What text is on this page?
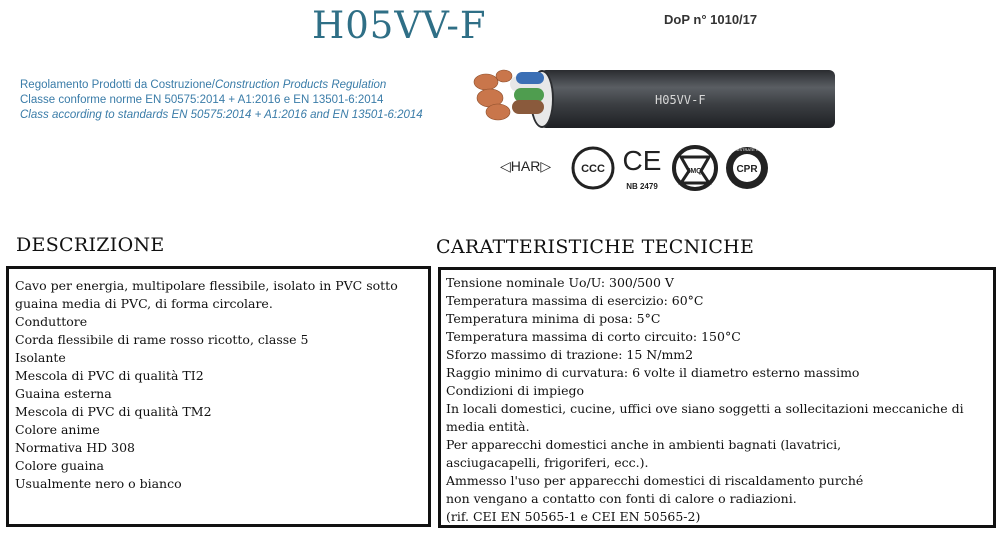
H05VV-F	DoP n° 1010/17
Regolamento Prodotti da Costruzione/Construction Products Regulation
Classe conforme norme EN 50575:2014 + A1:2016 e EN 13501-6:2014
Class according to standards EN 50575:2014 + A1:2016 and EN 13501-6:2014
H05VV-F
◁HAR▷	CCC CE
NB 2479
IMQ	CPR
REGISTRATE CPR
DESCRIZIONE	CARATTERISTICHE TECNICHE
Cavo per energia, multipolare flessibile, isolato in PVC sotto
guaina media di PVC, di forma circolare.
Conduttore
Corda flessibile di rame rosso ricotto, classe 5
Isolante
Mescola di PVC di qualità TI2
Guaina esterna
Mescola di PVC di qualità TM2
Colore anime
Normativa HD 308
Colore guaina
Usualmente nero o bianco
Tensione nominale Uo/U: 300/500 V
Temperatura massima di esercizio: 60°C
Temperatura minima di posa: 5°C
Temperatura massima di corto circuito: 150°C
Sforzo massimo di trazione: 15 N/mm2
Raggio minimo di curvatura: 6 volte il diametro esterno massimo
Condizioni di impiego
In locali domestici, cucine, uffici ove siano soggetti a sollecitazioni meccaniche di
media entità.
Per apparecchi domestici anche in ambienti bagnati (lavatrici,
asciugacapelli, frigoriferi, ecc.).
Ammesso l'uso per apparecchi domestici di riscaldamento purché
non vengano a contatto con fonti di calore o radiazioni.
(rif. CEI EN 50565-1 e CEI EN 50565-2)
